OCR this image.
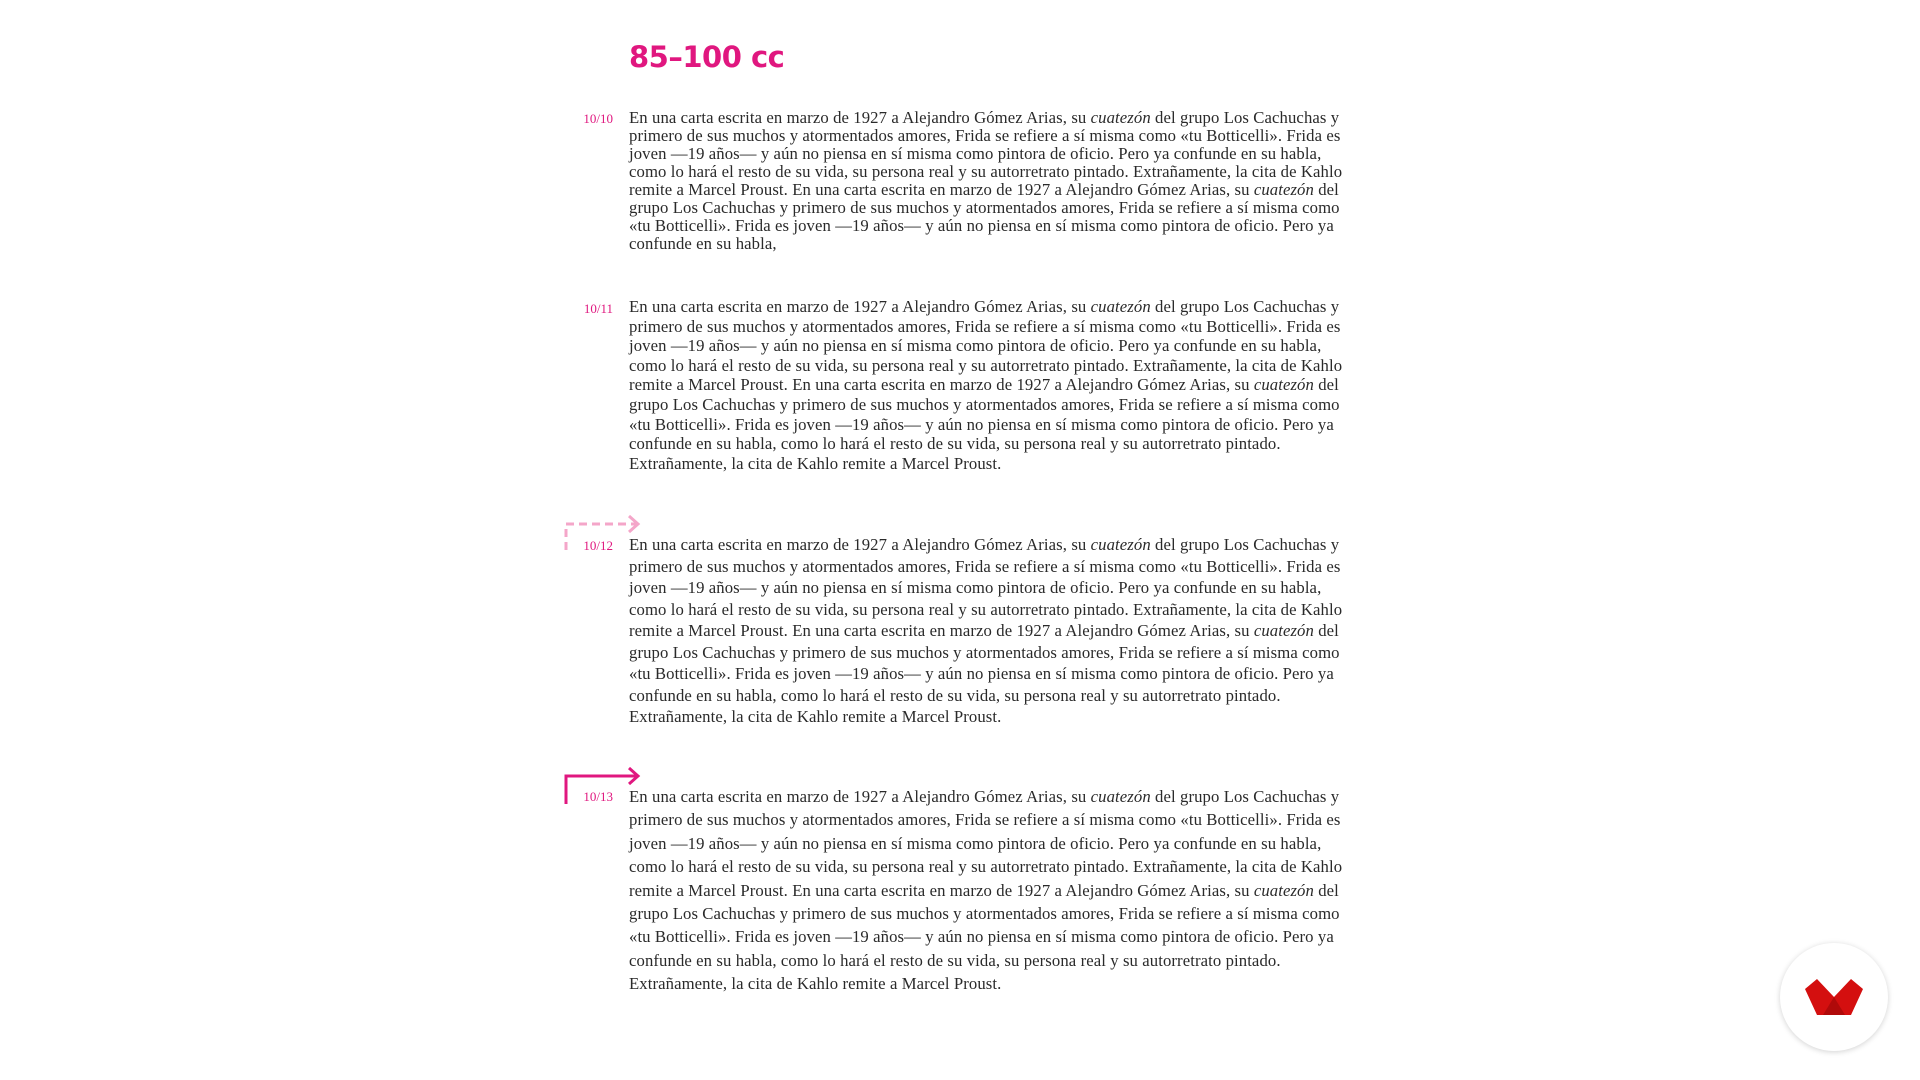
85–100 cc
10/10 En una carta escrita en marzo de 1927 a Alejandro Gómez Arias, su cuatezón del grupo Los Cachuchas y primero de sus muchos y atormentados amores, Frida se refiere a sí misma como «tu Botticelli». Frida es joven —19 años— y aún no piensa en sí misma como pintora de oficio. Pero ya confunde en su habla, como lo hará el resto de su vida, su persona real y su autorretrato pintado. Extrañamente, la cita de Kahlo remite a Marcel Proust. En una carta escrita en marzo de 1927 a Alejandro Gómez Arias, su cuatezón del grupo Los Cachuchas y primero de sus muchos y atormentados amores, Frida se refiere a sí misma como «tu Botticelli». Frida es joven —19 años— y aún no piensa en sí misma como pintora de oficio. Pero ya confunde en su habla,

10/11 En una carta escrita en marzo de 1927 a Alejandro Gómez Arias, su cuatezón del grupo Los Cachuchas y primero de sus muchos y atormentados amores, Frida se refiere a sí misma como «tu Botticelli». Frida es joven —19 años— y aún no piensa en sí misma como pintora de oficio. Pero ya confunde en su habla, como lo hará el resto de su vida, su persona real y su autorretrato pintado. Extrañamente, la cita de Kahlo remite a Marcel Proust. En una carta escrita en marzo de 1927 a Alejandro Gómez Arias, su cuatezón del grupo Los Cachuchas y primero de sus muchos y atormentados amores, Frida se refiere a sí misma como «tu Botticelli». Frida es joven —19 años— y aún no piensa en sí misma como pintora de oficio. Pero ya confunde en su habla, como lo hará el resto de su vida, su persona real y su autorretrato pintado. Extrañamente, la cita de Kahlo remite a Marcel Proust.

10/12 En una carta escrita en marzo de 1927 a Alejandro Gómez Arias, su cuatezón del grupo Los Cachuchas y primero de sus muchos y atormentados amores, Frida se refiere a sí misma como «tu Botticelli». Frida es joven —19 años— y aún no piensa en sí misma como pintora de oficio. Pero ya confunde en su habla, como lo hará el resto de su vida, su persona real y su autorretrato pintado. Extrañamente, la cita de Kahlo remite a Marcel Proust. En una carta escrita en marzo de 1927 a Alejandro Gómez Arias, su cuatezón del grupo Los Cachuchas y primero de sus muchos y atormentados amores, Frida se refiere a sí misma como «tu Botticelli». Frida es joven —19 años— y aún no piensa en sí misma como pintora de oficio. Pero ya confunde en su habla, como lo hará el resto de su vida, su persona real y su autorretrato pintado. Extrañamente, la cita de Kahlo remite a Marcel Proust.

10/13 En una carta escrita en marzo de 1927 a Alejandro Gómez Arias, su cuatezón del grupo Los Cachuchas y primero de sus muchos y atormentados amores, Frida se refiere a sí misma como «tu Botticelli». Frida es joven —19 años— y aún no piensa en sí misma como pintora de oficio. Pero ya confunde en su habla, como lo hará el resto de su vida, su persona real y su autorretrato pintado. Extrañamente, la cita de Kahlo remite a Marcel Proust. En una carta escrita en marzo de 1927 a Alejandro Gómez Arias, su cuatezón del grupo Los Cachuchas y primero de sus muchos y atormentados amores, Frida se refiere a sí misma como «tu Botticelli». Frida es joven —19 años— y aún no piensa en sí misma como pintora de oficio. Pero ya confunde en su habla, como lo hará el resto de su vida, su persona real y su autorretrato pintado. Extrañamente, la cita de Kahlo remite a Marcel Proust.
